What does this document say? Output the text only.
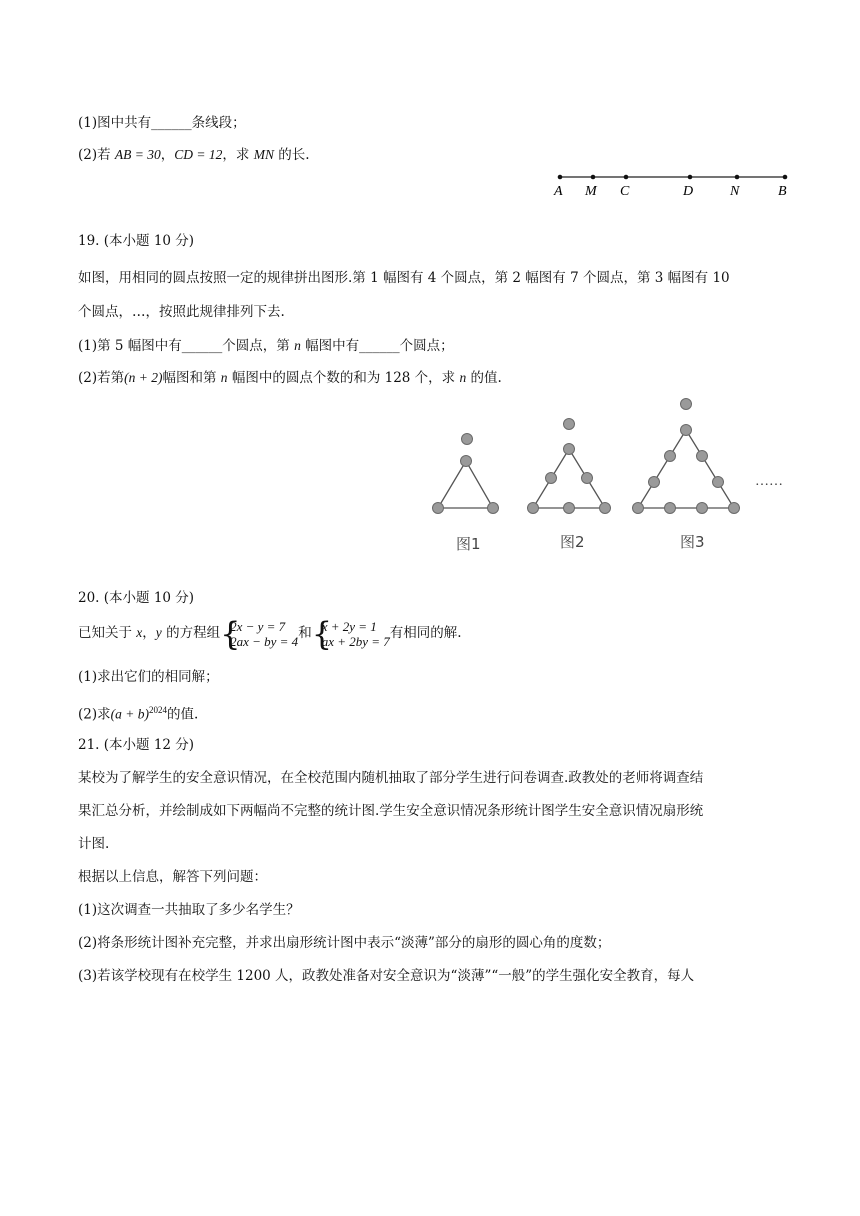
(1)图中共有______条线段；
(2)若 AB = 30，CD = 12，求 MN 的长.
A M C	D	N	B
19. (本小题 10 分)
如图，用相同的圆点按照一定的规律拼出图形.第 1 幅图有 4 个圆点，第 2 幅图有 7 个圆点，第 3 幅图有 10
个圆点，…，按照此规律排列下去.
(1)第 5 幅图中有______个圆点，第 n 幅图中有______个圆点；
(2)若第(n + 2)幅图和第 n 幅图中的圆点个数的和为 128 个，求 n 的值.
……
图1	图2	图3
20. (本小题 10 分)
已知关于 x，y 的方程组 {
2x − y = 7
2ax − by = 4 和 {
x + 2y = 1
ax + 2by = 7 有相同的解.
(1)求出它们的相同解；
(2)求$(a + b)^{2024}$的值.
21. (本小题 12 分)
某校为了解学生的安全意识情况，在全校范围内随机抽取了部分学生进行问卷调查.政教处的老师将调查结
果汇总分析，并绘制成如下两幅尚不完整的统计图.学生安全意识情况条形统计图学生安全意识情况扇形统
计图.
根据以上信息，解答下列问题：
(1)这次调查一共抽取了多少名学生？
(2)将条形统计图补充完整，并求出扇形统计图中表示“淡薄”部分的扇形的圆心角的度数；
(3)若该学校现有在校学生 1200 人，政教处准备对安全意识为“淡薄”“一般”的学生强化安全教育，每人
